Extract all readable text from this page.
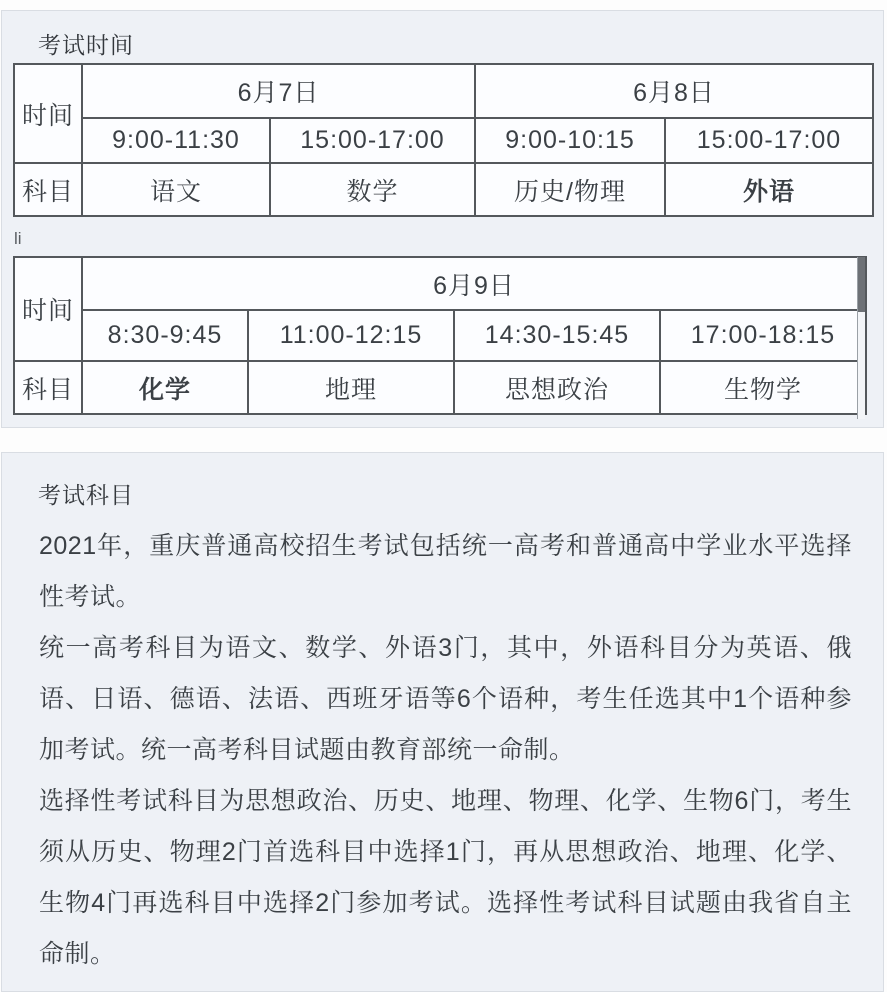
考试时间
时间	6月7日		6月8日	
	9:00-11:30	15:00-17:00	9:00-10:15	15:00-17:00
科目	语文	数学	历史/物理	外语
li
时间	6月9日			
	8:30-9:45	11:00-12:15	14:30-15:45	17:00-18:15
科目	化学	地理	思想政治	生物学
考试科目

2021年，重庆普通高校招生考试包括统一高考和普通高中学业水平选择性考试。

统一高考科目为语文、数学、外语3门，其中，外语科目分为英语、俄语、日语、德语、法语、西班牙语等6个语种，考生任选其中1个语种参加考试。统一高考科目试题由教育部统一命制。

选择性考试科目为思想政治、历史、地理、物理、化学、生物6门，考生须从历史、物理2门首选科目中选择1门，再从思想政治、地理、化学、生物4门再选科目中选择2门参加考试。选择性考试科目试题由我省自主命制。
